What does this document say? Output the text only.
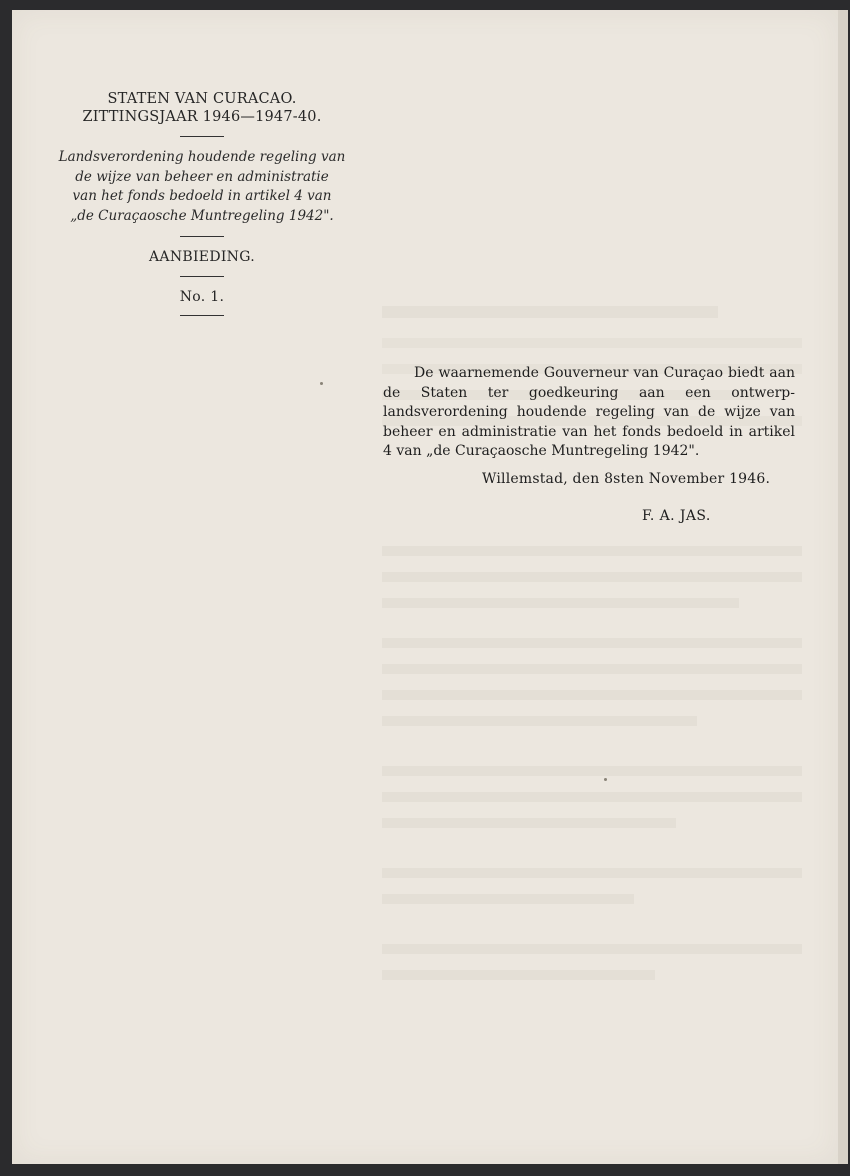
STATEN VAN CURACAO.
ZITTINGSJAAR 1946—1947-40.
Landsverordening houdende regeling van
de wijze van beheer en administratie
van het fonds bedoeld in artikel 4 van
„de Curaçaosche Muntregeling 1942".
AANBIEDING.
No. 1.
De waarnemende Gouverneur van Curaçao biedt aan de Staten ter goedkeuring aan een ontwerp-landsverordening houdende regeling van de wijze van beheer en administratie van het fonds bedoeld in artikel 4 van „de Curaçaosche Muntregeling 1942".
Willemstad, den 8sten November 1946.
F. A. JAS.
